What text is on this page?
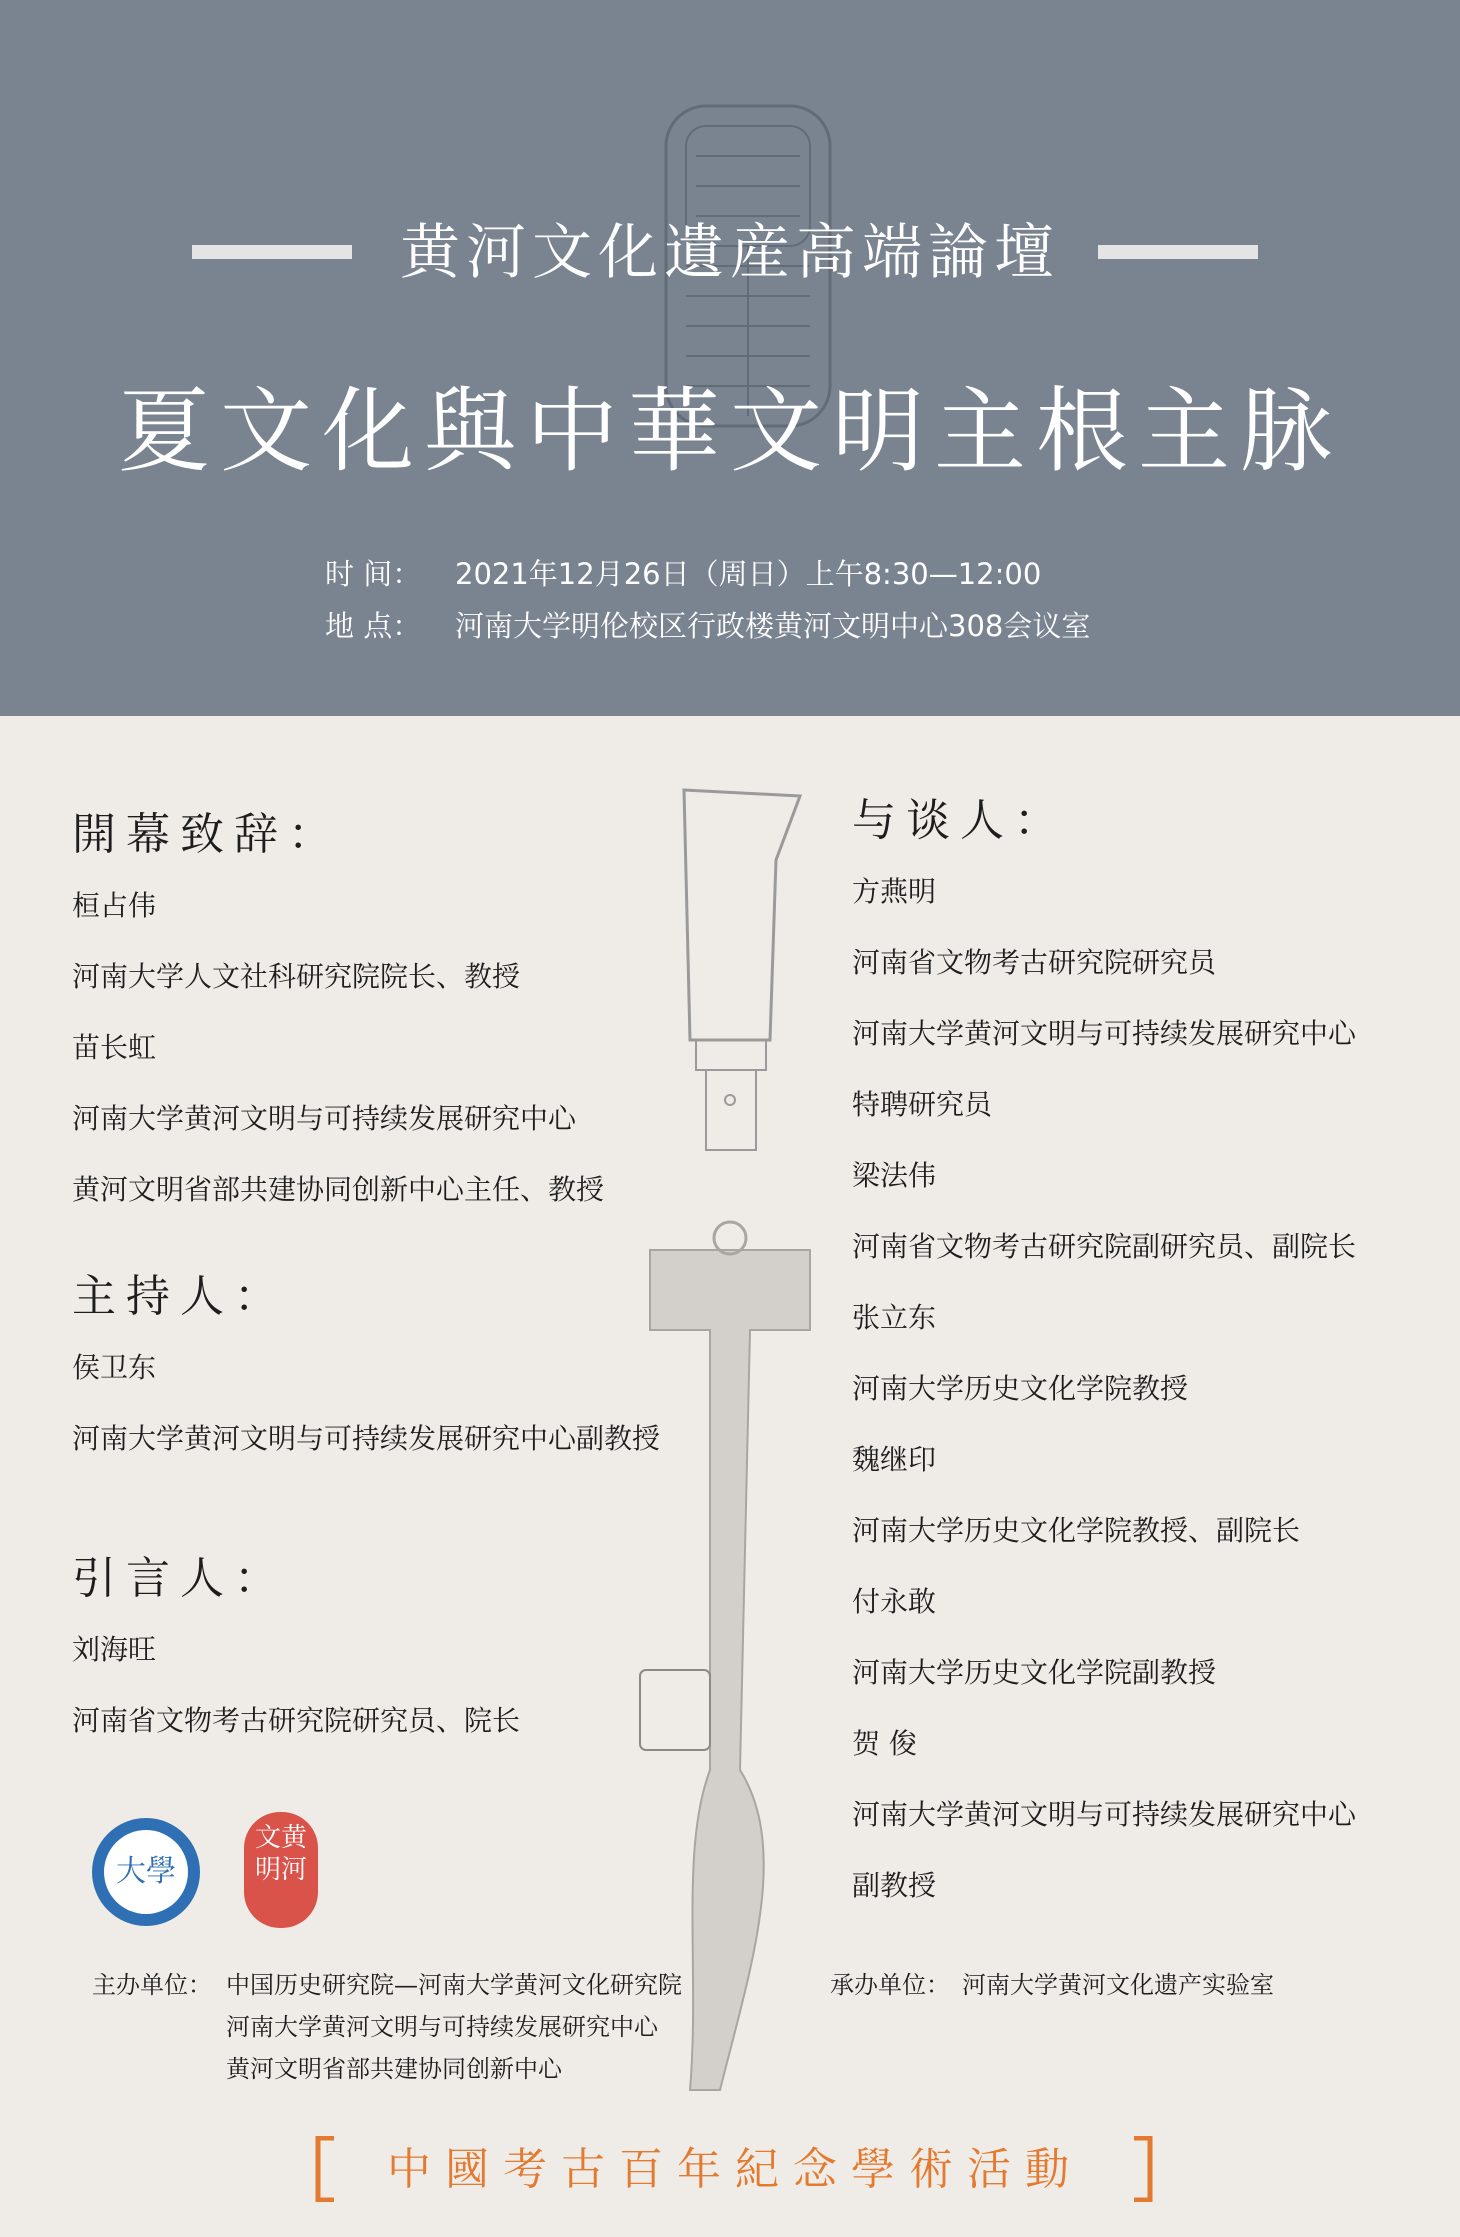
黄河文化遺産高端論壇
夏文化與中華文明主根主脉
时 间： 2021年12月26日（周日）上午8:30—12:00
地 点： 河南大学明伦校区行政楼黄河文明中心308会议室

開幕致辞：

桓占伟

河南大学人文社科研究院院长、教授

苗长虹

河南大学黄河文明与可持续发展研究中心

黄河文明省部共建协同创新中心主任、教授

主持人：

侯卫东

河南大学黄河文明与可持续发展研究中心副教授

引言人：

刘海旺

河南省文物考古研究院研究员、院长

与谈人：

方燕明

河南省文物考古研究院研究员

河南大学黄河文明与可持续发展研究中心

特聘研究员

梁法伟

河南省文物考古研究院副研究员、副院长

张立东

河南大学历史文化学院教授

魏继印

河南大学历史文化学院教授、副院长

付永敢

河南大学历史文化学院副教授

贺 俊

河南大学黄河文明与可持续发展研究中心

副教授

大學
文黄明河
主办单位： 中国历史研究院—河南大学黄河文化研究院
河南大学黄河文明与可持续发展研究中心
黄河文明省部共建协同创新中心
承办单位： 河南大学黄河文化遗产实验室
中國考古百年紀念學術活動
